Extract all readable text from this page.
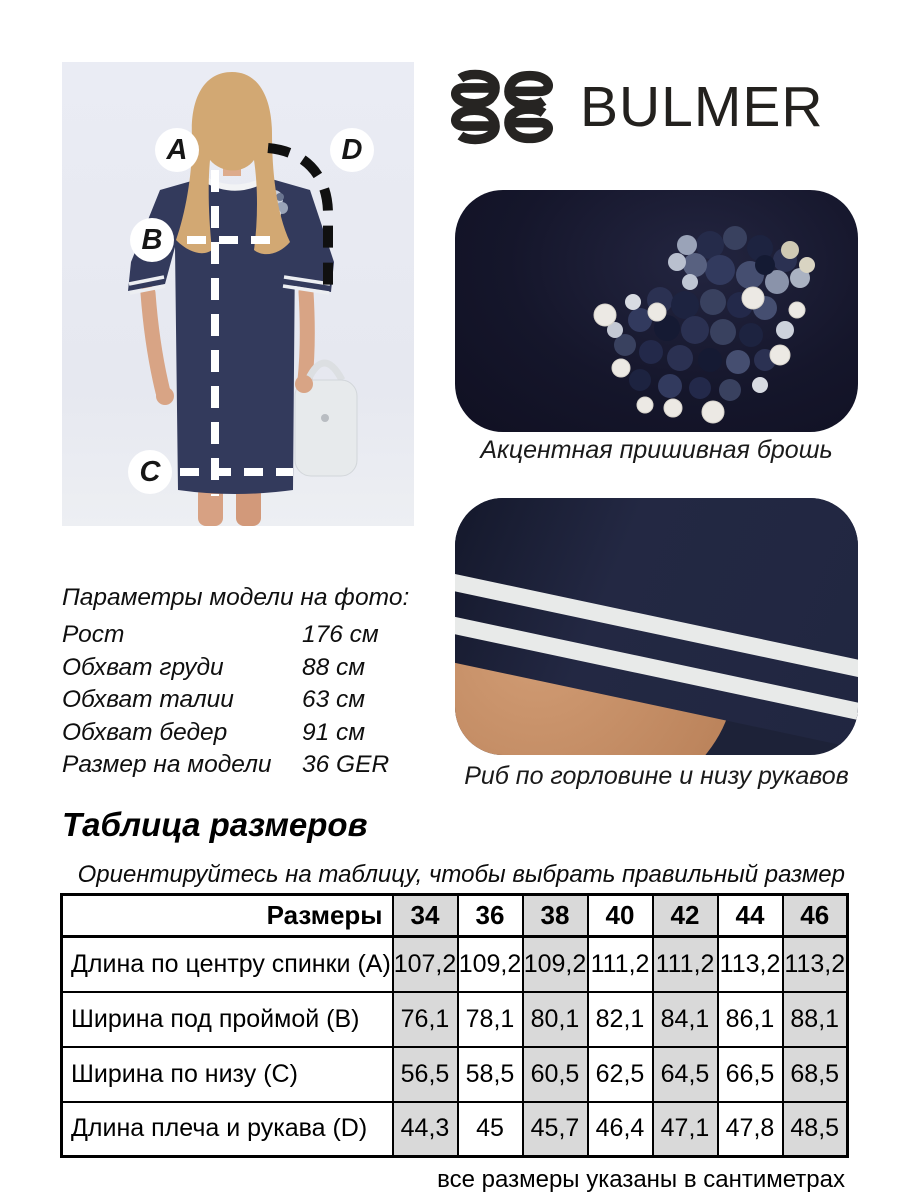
A
B
C
D
BULMER
Акцентная пришивная брошь
Риб по горловине и низу рукавов
Параметры модели на фото:
Рост	176 см
Обхват груди	88 см
Обхват талии	63 см
Обхват бедер	91 см
Размер на модели	36 GER
Таблица размеров
Ориентируйтесь на таблицу, чтобы выбрать правильный размер
Размеры	34	36	38	40	42	44	46
Длина по центру спинки (A)	107,2	109,2	109,2	111,2	111,2	113,2	113,2
Ширина под проймой (B)	76,1	78,1	80,1	82,1	84,1	86,1	88,1
Ширина по низу (C)	56,5	58,5	60,5	62,5	64,5	66,5	68,5
Длина плеча и рукава (D)	44,3	45	45,7	46,4	47,1	47,8	48,5
все размеры указаны в сантиметрах
